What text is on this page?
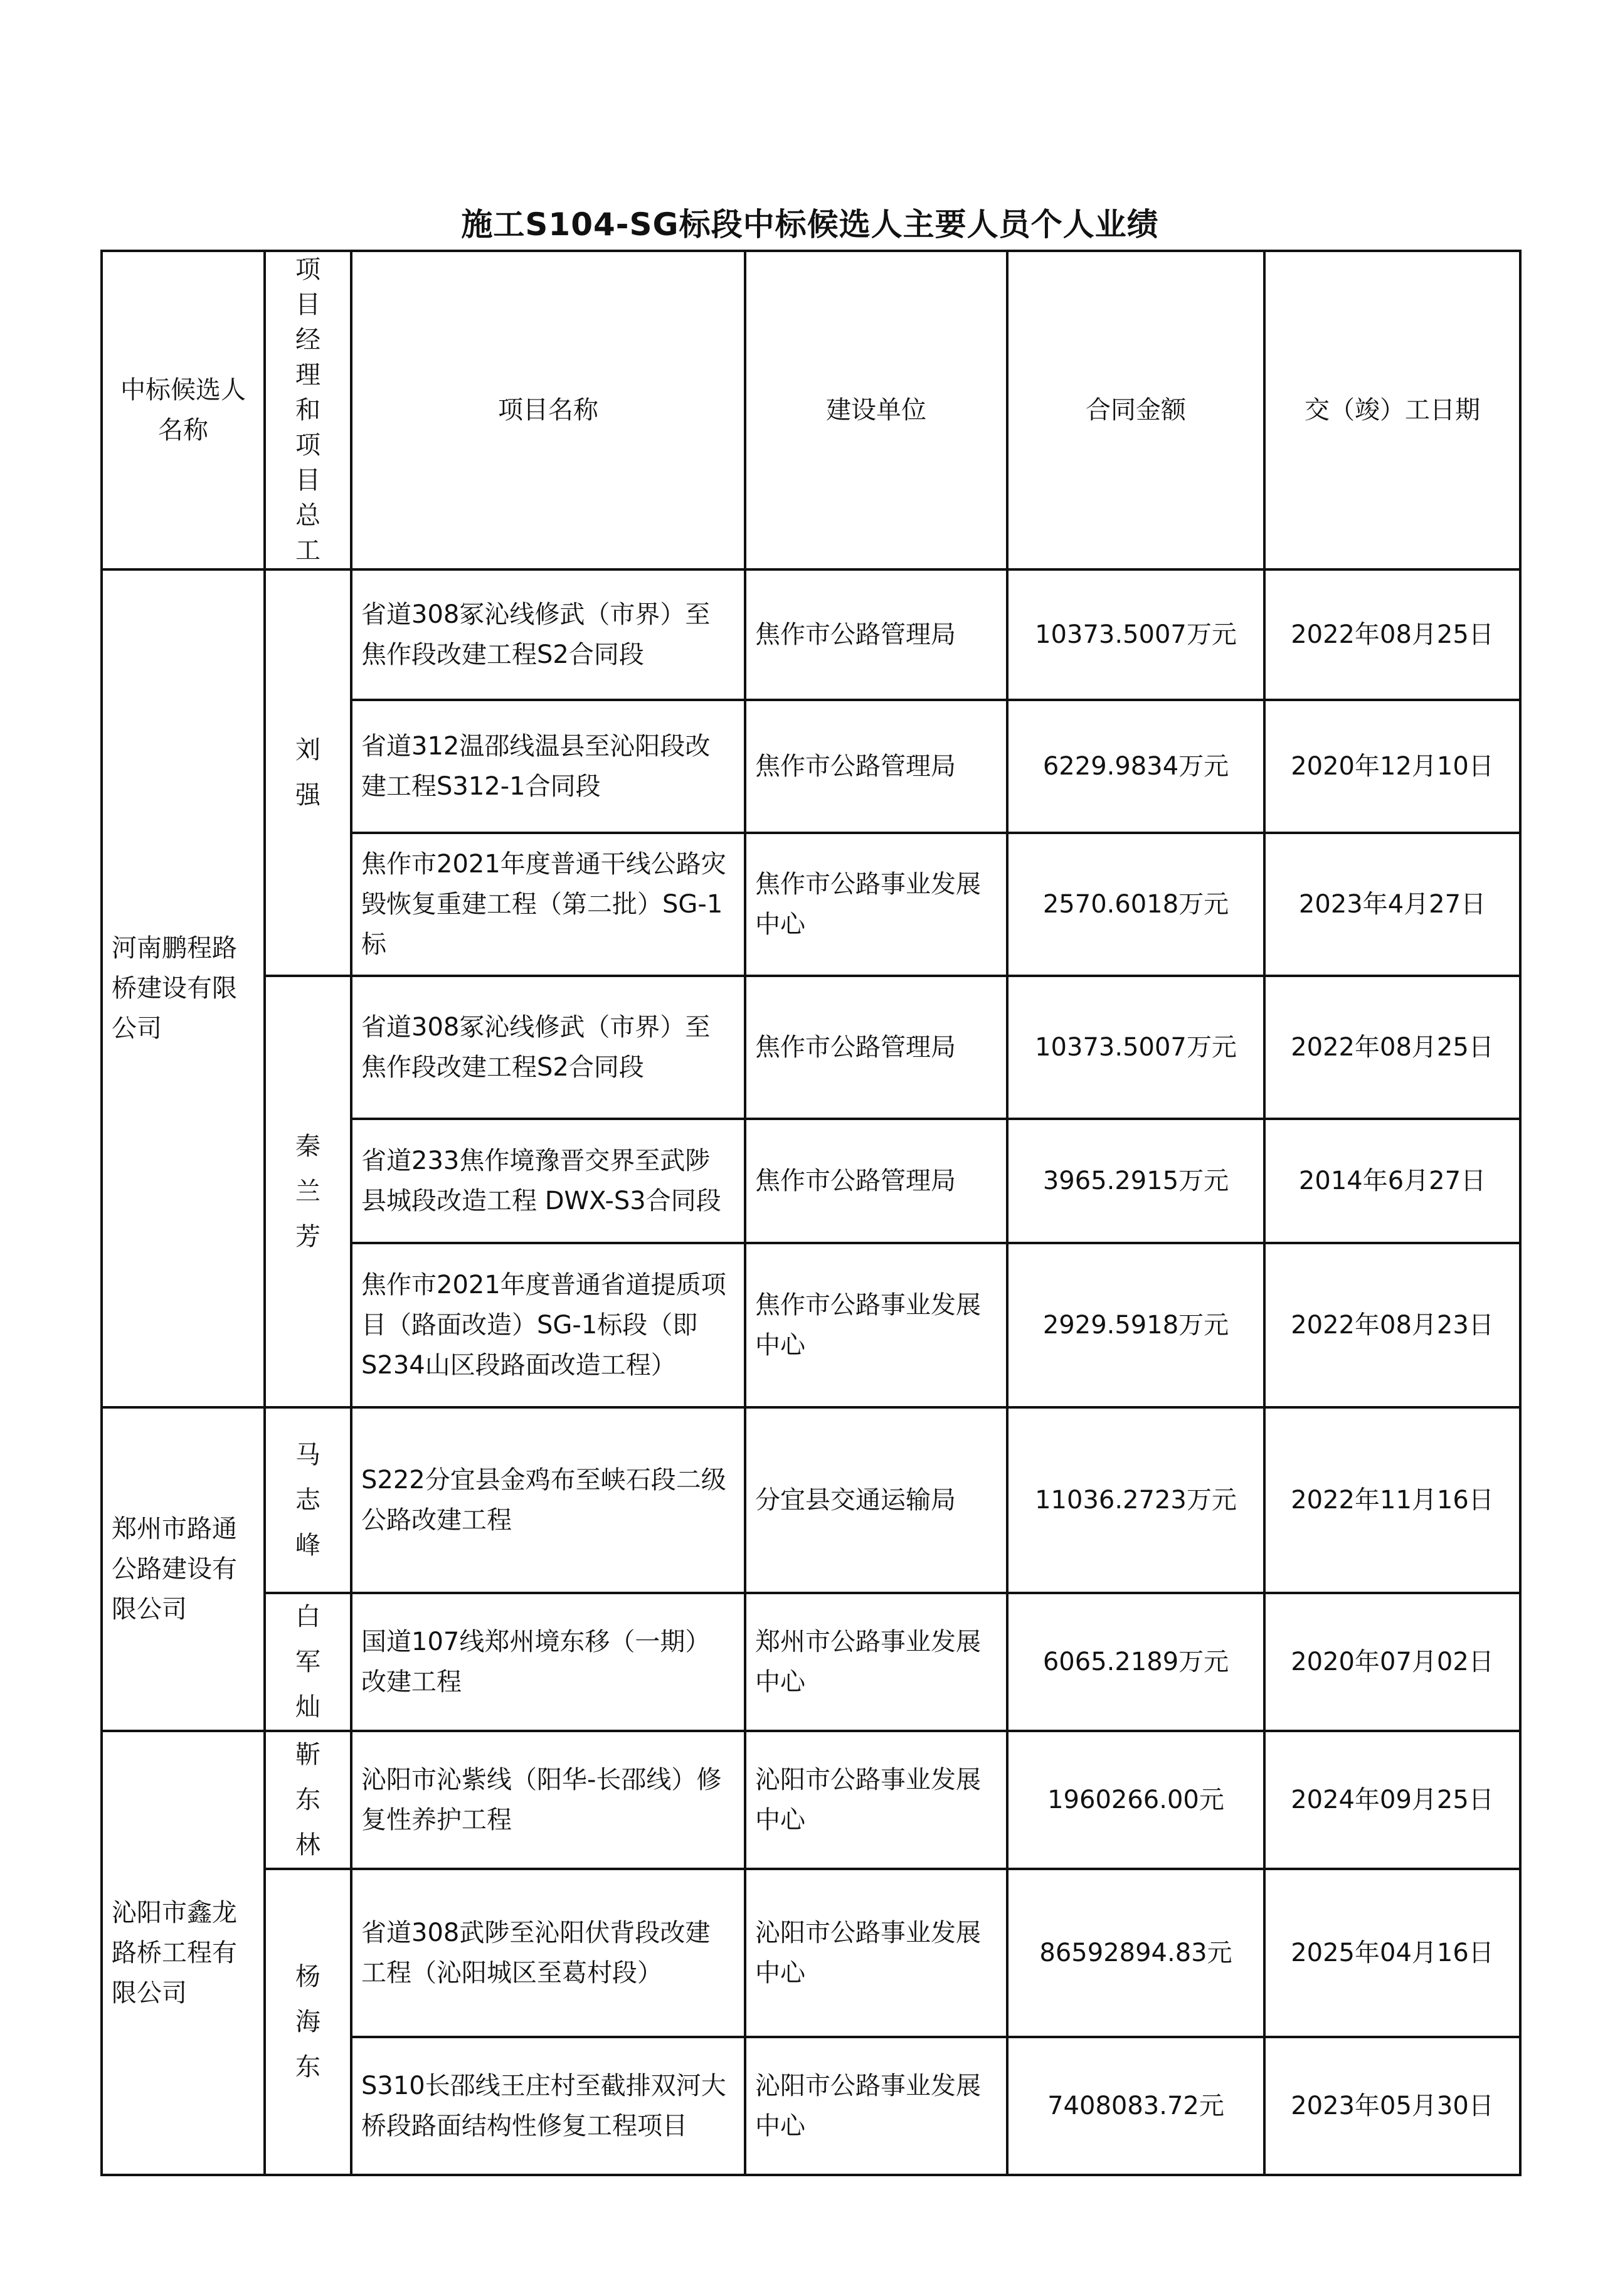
施工S104-SG标段中标候选人主要人员个人业绩
中标候选人名称	项目经理和项目总工	项目名称	建设单位	合同金额	交（竣）工日期
河南鹏程路桥建设有限公司	刘强	省道308冢沁线修武（市界）至焦作段改建工程S2合同段	焦作市公路管理局	10373.5007万元	2022年08月25日
		省道312温邵线温县至沁阳段改建工程S312-1合同段	焦作市公路管理局	6229.9834万元	2020年12月10日
		焦作市2021年度普通干线公路灾毁恢复重建工程（第二批）SG-1标	焦作市公路事业发展中心	2570.6018万元	2023年4月27日

	秦兰芳	省道308冢沁线修武（市界）至焦作段改建工程S2合同段	焦作市公路管理局	10373.5007万元	2022年08月25日
		省道233焦作境豫晋交界至武陟县城段改造工程 DWX-S3合同段	焦作市公路管理局	3965.2915万元	2014年6月27日
		焦作市2021年度普通省道提质项目（路面改造）SG-1标段（即S234山区段路面改造工程）	焦作市公路事业发展中心	2929.5918万元	2022年08月23日
郑州市路通公路建设有限公司	马志峰	S222分宜县金鸡布至峡石段二级公路改建工程	分宜县交通运输局	11036.2723万元	2022年11月16日

	白军灿	国道107线郑州境东移（一期）改建工程	郑州市公路事业发展中心	6065.2189万元	2020年07月02日
沁阳市鑫龙路桥工程有限公司	靳东林	沁阳市沁紫线（阳华-长邵线）修复性养护工程	沁阳市公路事业发展中心	1960266.00元	2024年09月25日

	杨海东	省道308武陟至沁阳伏背段改建工程（沁阳城区至葛村段）	沁阳市公路事业发展中心	86592894.83元	2025年04月16日
		S310长邵线王庄村至截排双河大桥段路面结构性修复工程项目	沁阳市公路事业发展中心	7408083.72元	2023年05月30日
